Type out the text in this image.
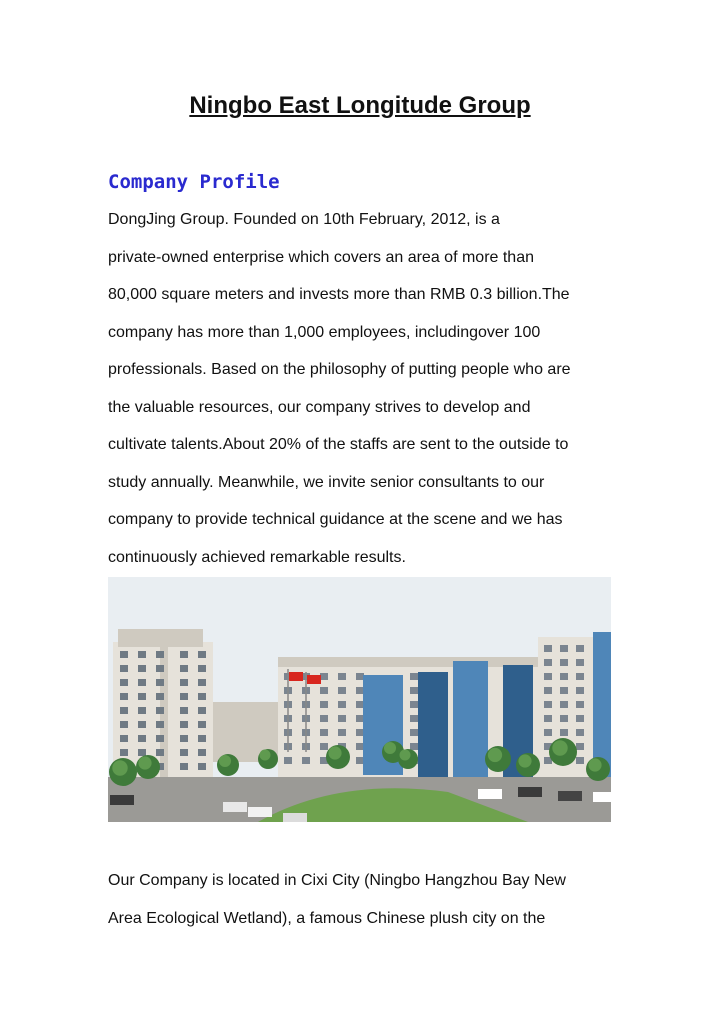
Ningbo East Longitude Group
Company Profile
DongJing Group. Founded on 10th February, 2012, is a
private-owned enterprise which covers an area of more than
80,000 square meters and invests more than RMB 0.3 billion.The
company has more than 1,000 employees, includingover 100
professionals. Based on the philosophy of putting people who are
the valuable resources, our company strives to develop and
cultivate talents.About 20% of the staffs are sent to the outside to
study annually. Meanwhile, we invite senior consultants to our
company to provide technical guidance at the scene and we has
continuously achieved remarkable results.
Our Company is located in Cixi City (Ningbo Hangzhou Bay New
Area Ecological Wetland), a famous Chinese plush city on the
